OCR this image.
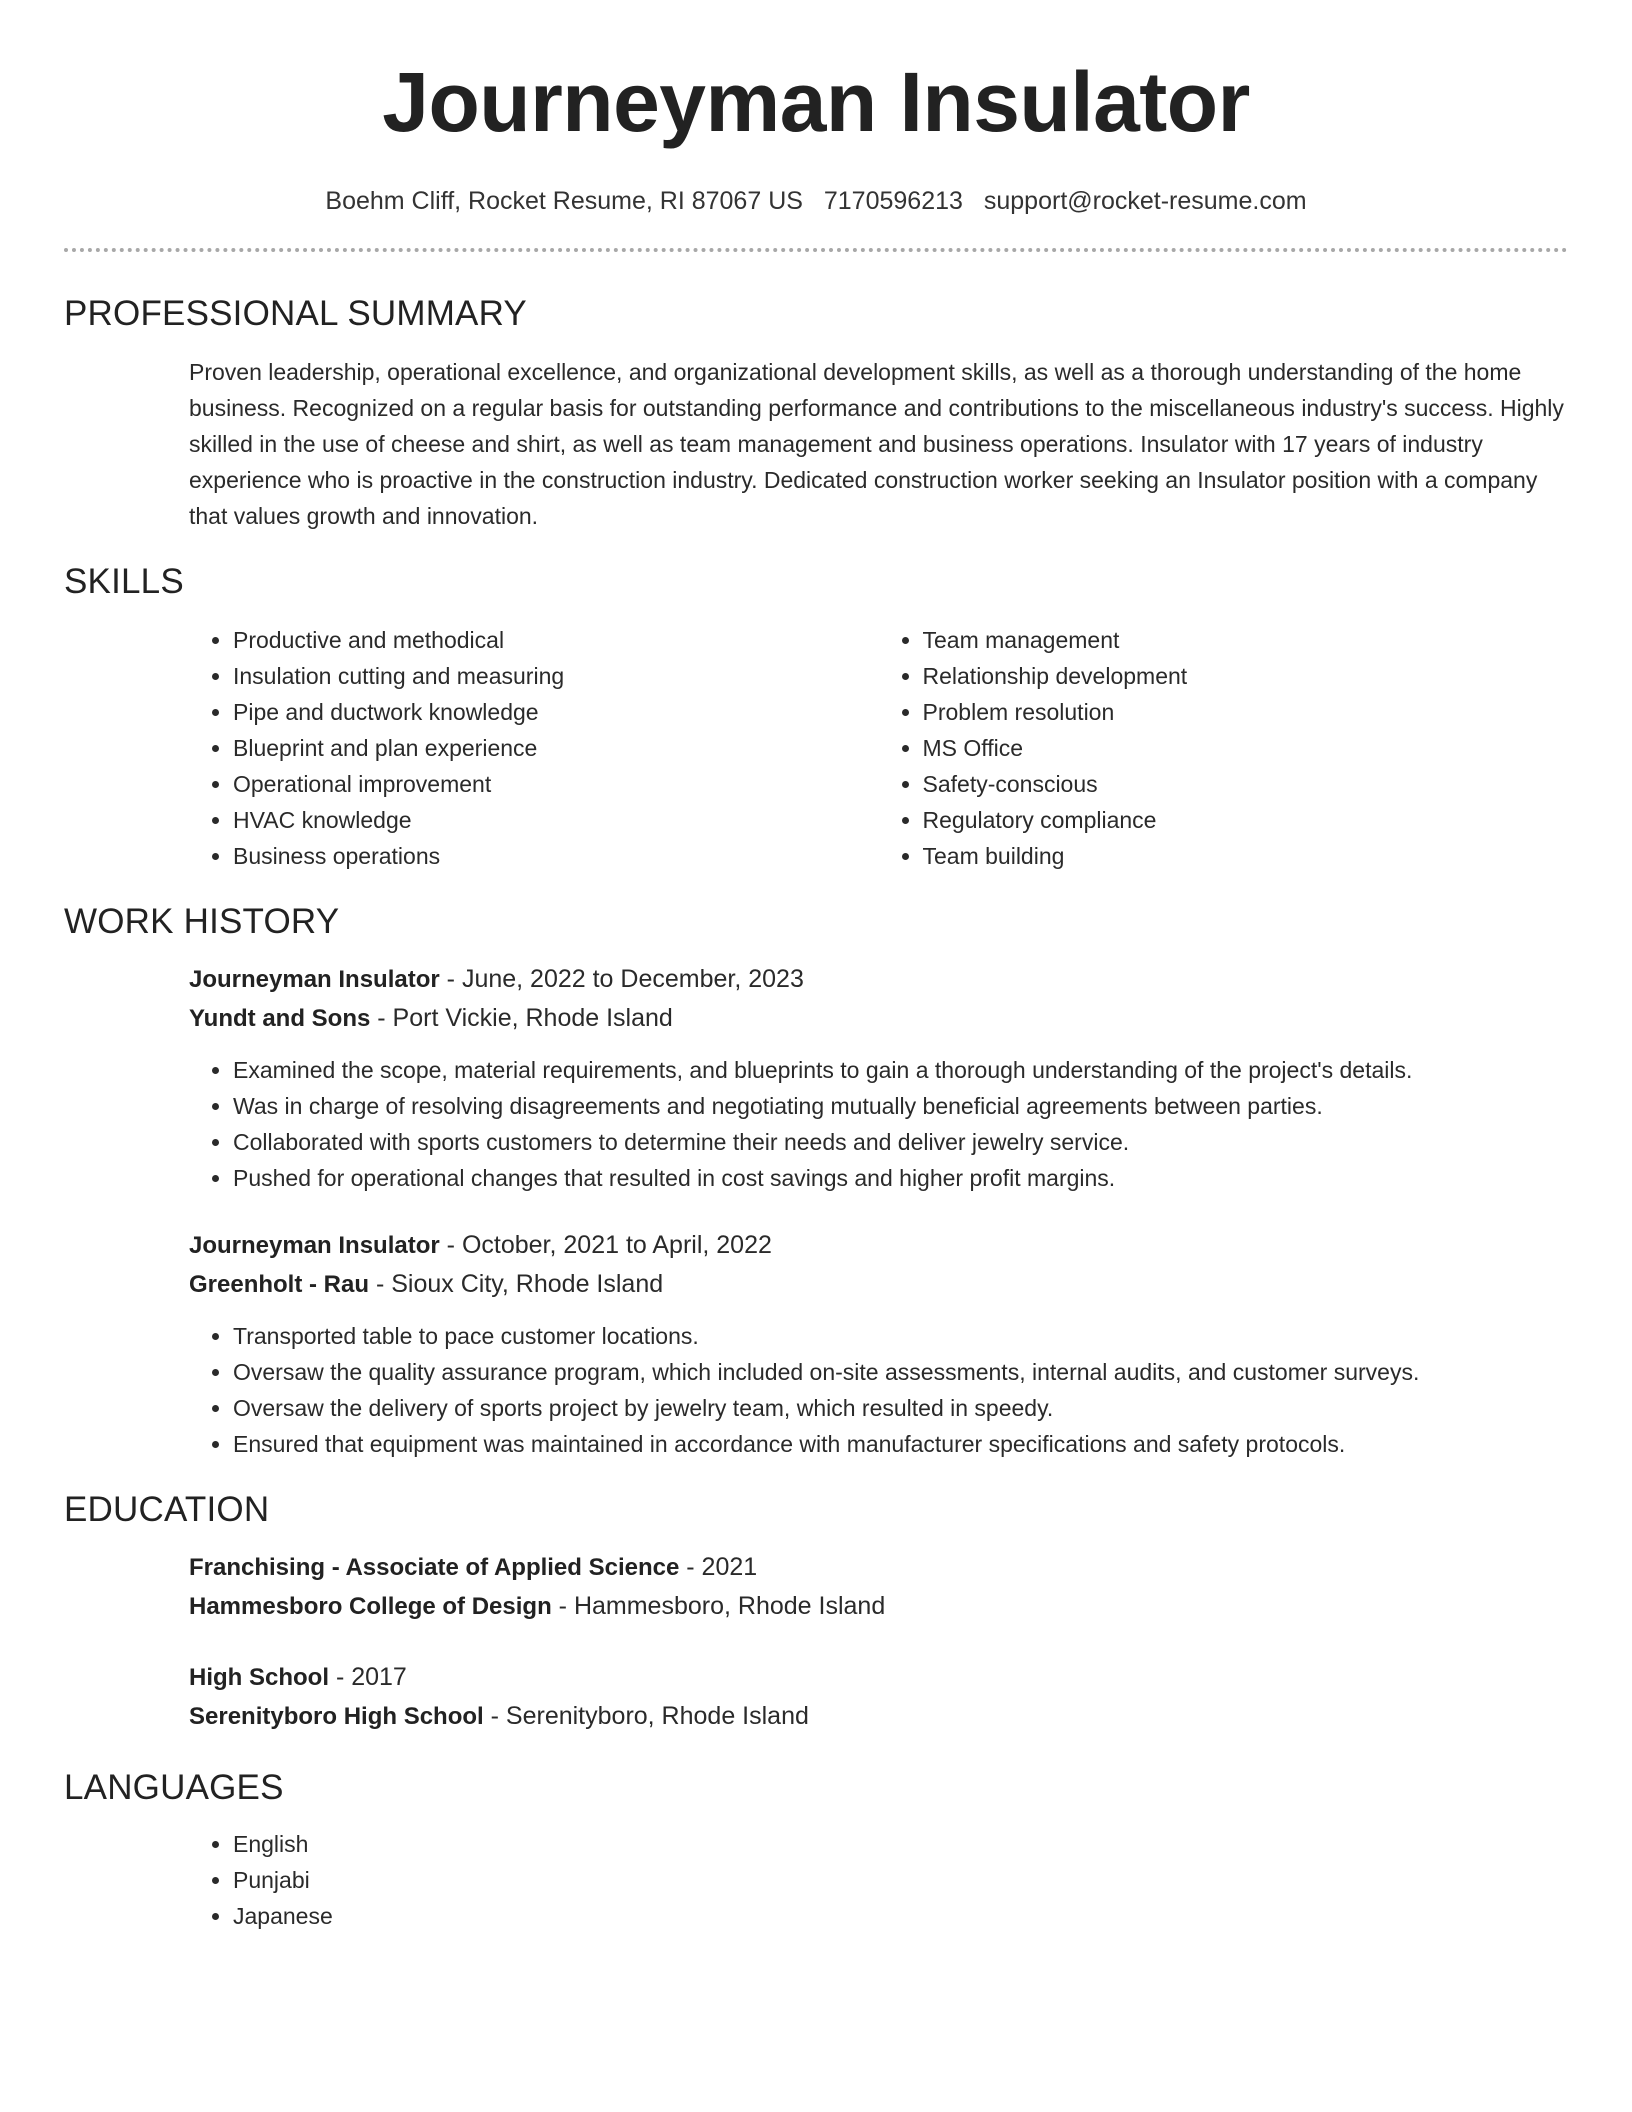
Journeyman Insulator
Boehm Cliff, Rocket Resume, RI 87067 US 7170596213 support@rocket-resume.com
PROFESSIONAL SUMMARY

Proven leadership, operational excellence, and organizational development skills, as well as a thorough understanding of the home business. Recognized on a regular basis for outstanding performance and contributions to the miscellaneous industry's success. Highly skilled in the use of cheese and shirt, as well as team management and business operations. Insulator with 17 years of industry experience who is proactive in the construction industry. Dedicated construction worker seeking an Insulator position with a company that values growth and innovation.

SKILLS
• Productive and methodical
• Insulation cutting and measuring
• Pipe and ductwork knowledge
• Blueprint and plan experience
• Operational improvement
• HVAC knowledge
• Business operations
• Team management
• Relationship development
• Problem resolution
• MS Office
• Safety-conscious
• Regulatory compliance
• Team building
WORK HISTORY
Journeyman Insulator - June, 2022 to December, 2023
Yundt and Sons - Port Vickie, Rhode Island
• Examined the scope, material requirements, and blueprints to gain a thorough understanding of the project's details.
• Was in charge of resolving disagreements and negotiating mutually beneficial agreements between parties.
• Collaborated with sports customers to determine their needs and deliver jewelry service.
• Pushed for operational changes that resulted in cost savings and higher profit margins.
Journeyman Insulator - October, 2021 to April, 2022
Greenholt - Rau - Sioux City, Rhode Island
• Transported table to pace customer locations.
• Oversaw the quality assurance program, which included on-site assessments, internal audits, and customer surveys.
• Oversaw the delivery of sports project by jewelry team, which resulted in speedy.
• Ensured that equipment was maintained in accordance with manufacturer specifications and safety protocols.
EDUCATION
Franchising - Associate of Applied Science - 2021
Hammesboro College of Design - Hammesboro, Rhode Island
High School - 2017
Serenityboro High School - Serenityboro, Rhode Island
LANGUAGES
• English
• Punjabi
• Japanese
